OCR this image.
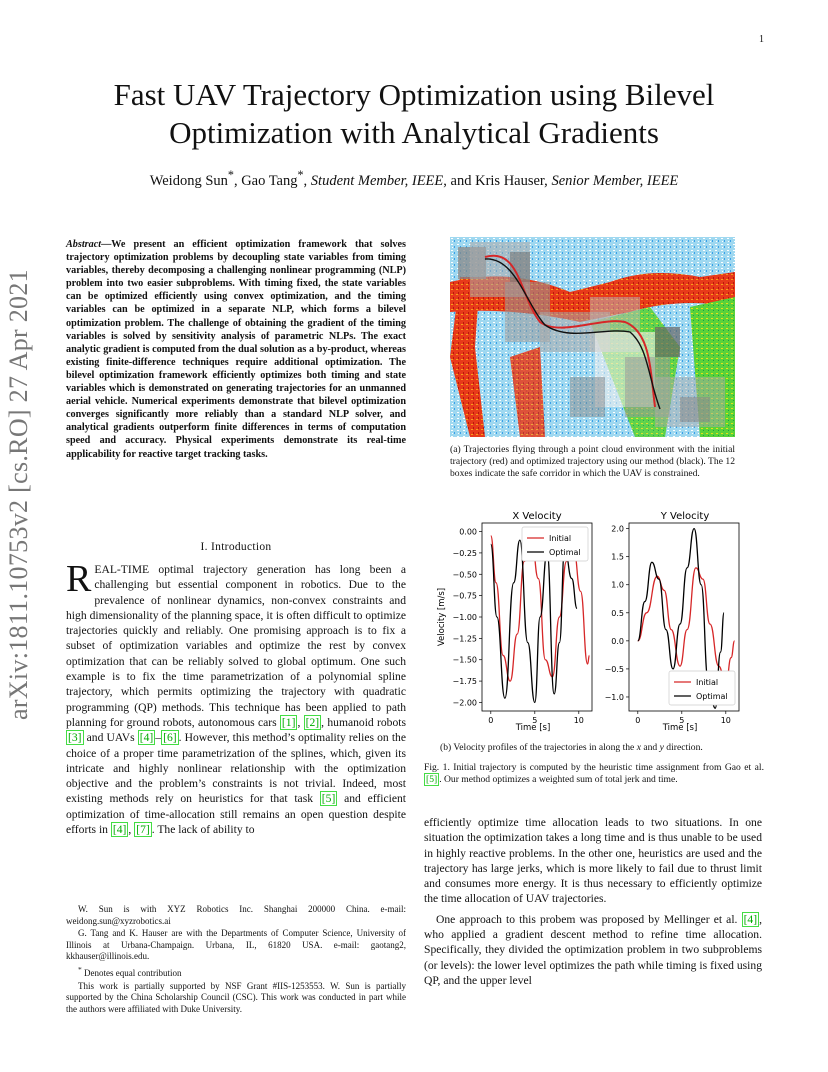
1
arXiv:1811.10753v2 [cs.RO] 27 Apr 2021
Fast UAV Trajectory Optimization using Bilevel Optimization with Analytical Gradients
Weidong Sun*, Gao Tang*, Student Member, IEEE, and Kris Hauser, Senior Member, IEEE
Abstract—We present an efficient optimization framework that solves trajectory optimization problems by decoupling state variables from timing variables, thereby decomposing a challenging nonlinear programming (NLP) problem into two easier subproblems. With timing fixed, the state variables can be optimized efficiently using convex optimization, and the timing variables can be optimized in a separate NLP, which forms a bilevel optimization problem. The challenge of obtaining the gradient of the timing variables is solved by sensitivity analysis of parametric NLPs. The exact analytic gradient is computed from the dual solution as a by-product, whereas existing finite-difference techniques require additional optimization. The bilevel optimization framework efficiently optimizes both timing and state variables which is demonstrated on generating trajectories for an unmanned aerial vehicle. Numerical experiments demonstrate that bilevel optimization converges significantly more reliably than a standard NLP solver, and analytical gradients outperform finite differences in terms of computation speed and accuracy. Physical experiments demonstrate its real-time applicability for reactive target tracking tasks.
I. Introduction
REAL-TIME optimal trajectory generation has long been a challenging but essential component in robotics. Due to the prevalence of nonlinear dynamics, non-convex constraints and high dimensionality of the planning space, it is often difficult to optimize trajectories quickly and reliably. One promising approach is to fix a subset of optimization variables and optimize the rest by convex optimization that can be reliably solved to global optimum. One such example is to fix the time parametrization of a polynomial spline trajectory, which permits optimizing the trajectory with quadratic programming (QP) methods. This technique has been applied to path planning for ground robots, autonomous cars [1] , [2] , humanoid robots [3] and UAVs [4] – [6] . However, this method’s optimality relies on the choice of a proper time parametrization of the splines, which, given its intricate and highly nonlinear relationship with the optimization objective and the problem’s constraints is not trivial. Indeed, most existing methods rely on heuristics for that task [5] and efficient optimization of time-allocation still remains an open question despite efforts in [4] , [7] . The lack of ability to

W. Sun is with XYZ Robotics Inc. Shanghai 200000 China. e-mail: weidong.sun@xyzrobotics.ai

G. Tang and K. Hauser are with the Departments of Computer Science, University of Illinois at Urbana-Champaign. Urbana, IL, 61820 USA. e-mail: gaotang2, kkhauser@illinois.edu.

* Denotes equal contribution

This work is partially supported by NSF Grant #IIS-1253553. W. Sun is partially supported by the China Scholarship Council (CSC). This work was conducted in part while the authors were affiliated with Duke University.

(a) Trajectories flying through a point cloud environment with the initial trajectory (red) and optimized trajectory using our method (black). The 12 boxes indicate the safe corridor in which the UAV is constrained.
Velocity [m/s]
X Velocity	Y Velocity
Time [s]	Time [s]
0.00
−0.25
−0.50
−0.75
−1.00
−1.25
−1.50
−1.75
−2.00
0	5	10
Initial
Optimal
2.0
1.5
1.0
0.5
0.0
−0.5
−1.0
0	5	10
Initial
Optimal
(b) Velocity profiles of the trajectories in along the x and y direction.
Fig. 1. Initial trajectory is computed by the heuristic time assignment from Gao et al. [5] . Our method optimizes a weighted sum of total jerk and time.

efficiently optimize time allocation leads to two situations. In one situation the optimization takes a long time and is thus unable to be used in highly reactive problems. In the other one, heuristics are used and the trajectory has large jerks, which is more likely to fail due to thrust limit and consumes more energy. It is thus necessary to efficiently optimize the time allocation of UAV trajectories.

One approach to this probem was proposed by Mellinger et al. [4] , who applied a gradient descent method to refine time allocation. Specifically, they divided the optimization problem in two subproblems (or levels): the lower level optimizes the path while timing is fixed using QP, and the upper level
